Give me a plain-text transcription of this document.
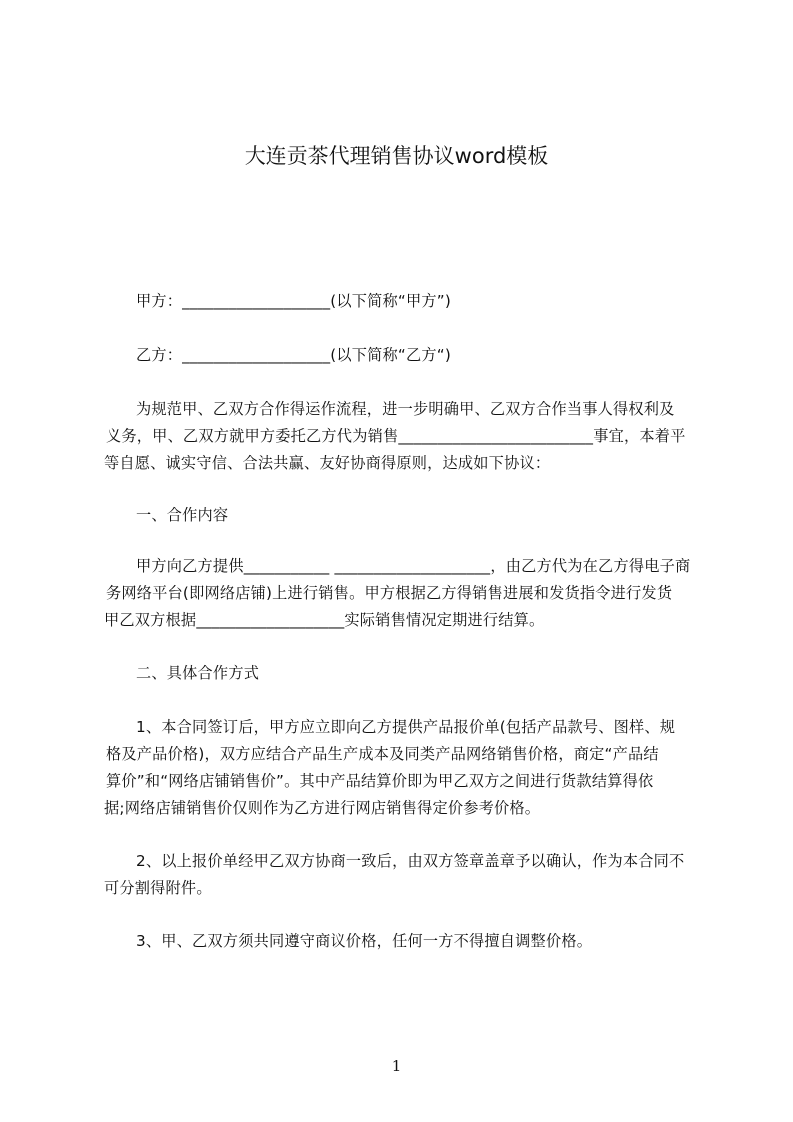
大连贡茶代理销售协议word模板
甲方：___________________(以下简称“甲方”)
乙方：___________________(以下简称“乙方“)
为规范甲、乙双方合作得运作流程，进一步明确甲、乙双方合作当事人得权利及
义务，甲、乙双方就甲方委托乙方代为销售_________________________事宜，本着平
等自愿、诚实守信、合法共赢、友好协商得原则，达成如下协议：
一、合作内容
甲方向乙方提供___________ ____________________，由乙方代为在乙方得电子商
务网络平台(即网络店铺)上进行销售。甲方根据乙方得销售进展和发货指令进行发货
甲乙双方根据___________________实际销售情况定期进行结算。
二、具体合作方式
1、本合同签订后，甲方应立即向乙方提供产品报价单(包括产品款号、图样、规
格及产品价格)，双方应结合产品生产成本及同类产品网络销售价格，商定“产品结
算价”和“网络店铺销售价”。其中产品结算价即为甲乙双方之间进行货款结算得依
据;网络店铺销售价仅则作为乙方进行网店销售得定价参考价格。
2、以上报价单经甲乙双方协商一致后，由双方签章盖章予以确认，作为本合同不
可分割得附件。
3、甲、乙双方须共同遵守商议价格，任何一方不得擅自调整价格。
1
